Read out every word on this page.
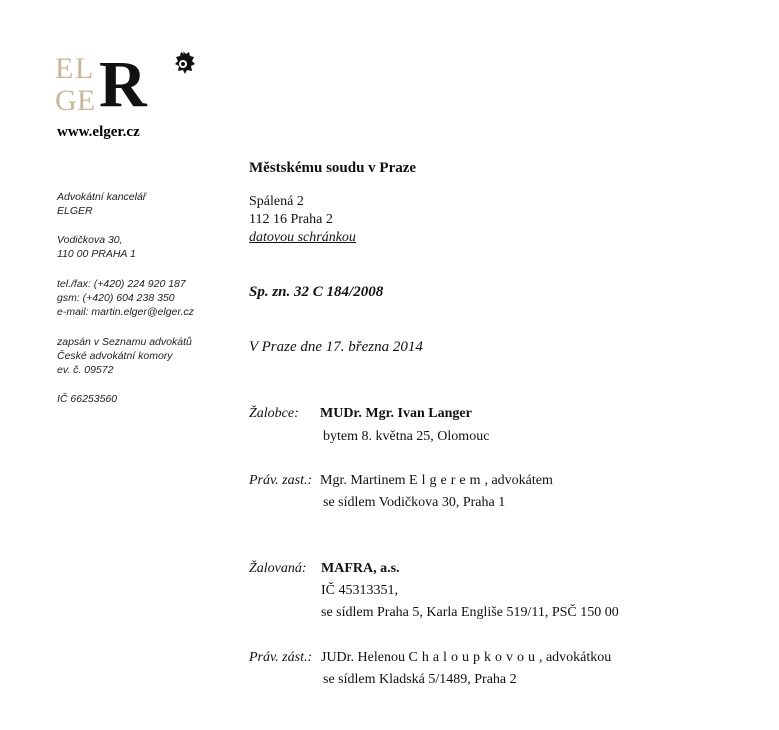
E L
G E R
www.elger.cz
Advokátní kancelář
ELGER
Vodičkova 30,
110 00 PRAHA 1
tel./fax: (+420) 224 920 187
gsm: (+420) 604 238 350
e-mail: martin.elger@elger.cz
zapsán v Seznamu advokátů
České advokátní komory
ev. č. 09572
IČ 66253560
Městskému soudu v Praze
Spálená 2
112 16 Praha 2
datovou schránkou
Sp. zn. 32 C 184/2008
V Praze dne 17. března 2014
Žalobce: MUDr. Mgr. Ivan Langer
bytem 8. května 25, Olomouc
Práv. zast.: Mgr. Martinem Elgerem, advokátem
se sídlem Vodičkova 30, Praha 1
Žalovaná: MAFRA, a.s.
IČ 45313351,
se sídlem Praha 5, Karla Engliše 519/11, PSČ 150 00
Práv. zást.: JUDr. Helenou Chaloupkovou, advokátkou
se sídlem Kladská 5/1489, Praha 2
